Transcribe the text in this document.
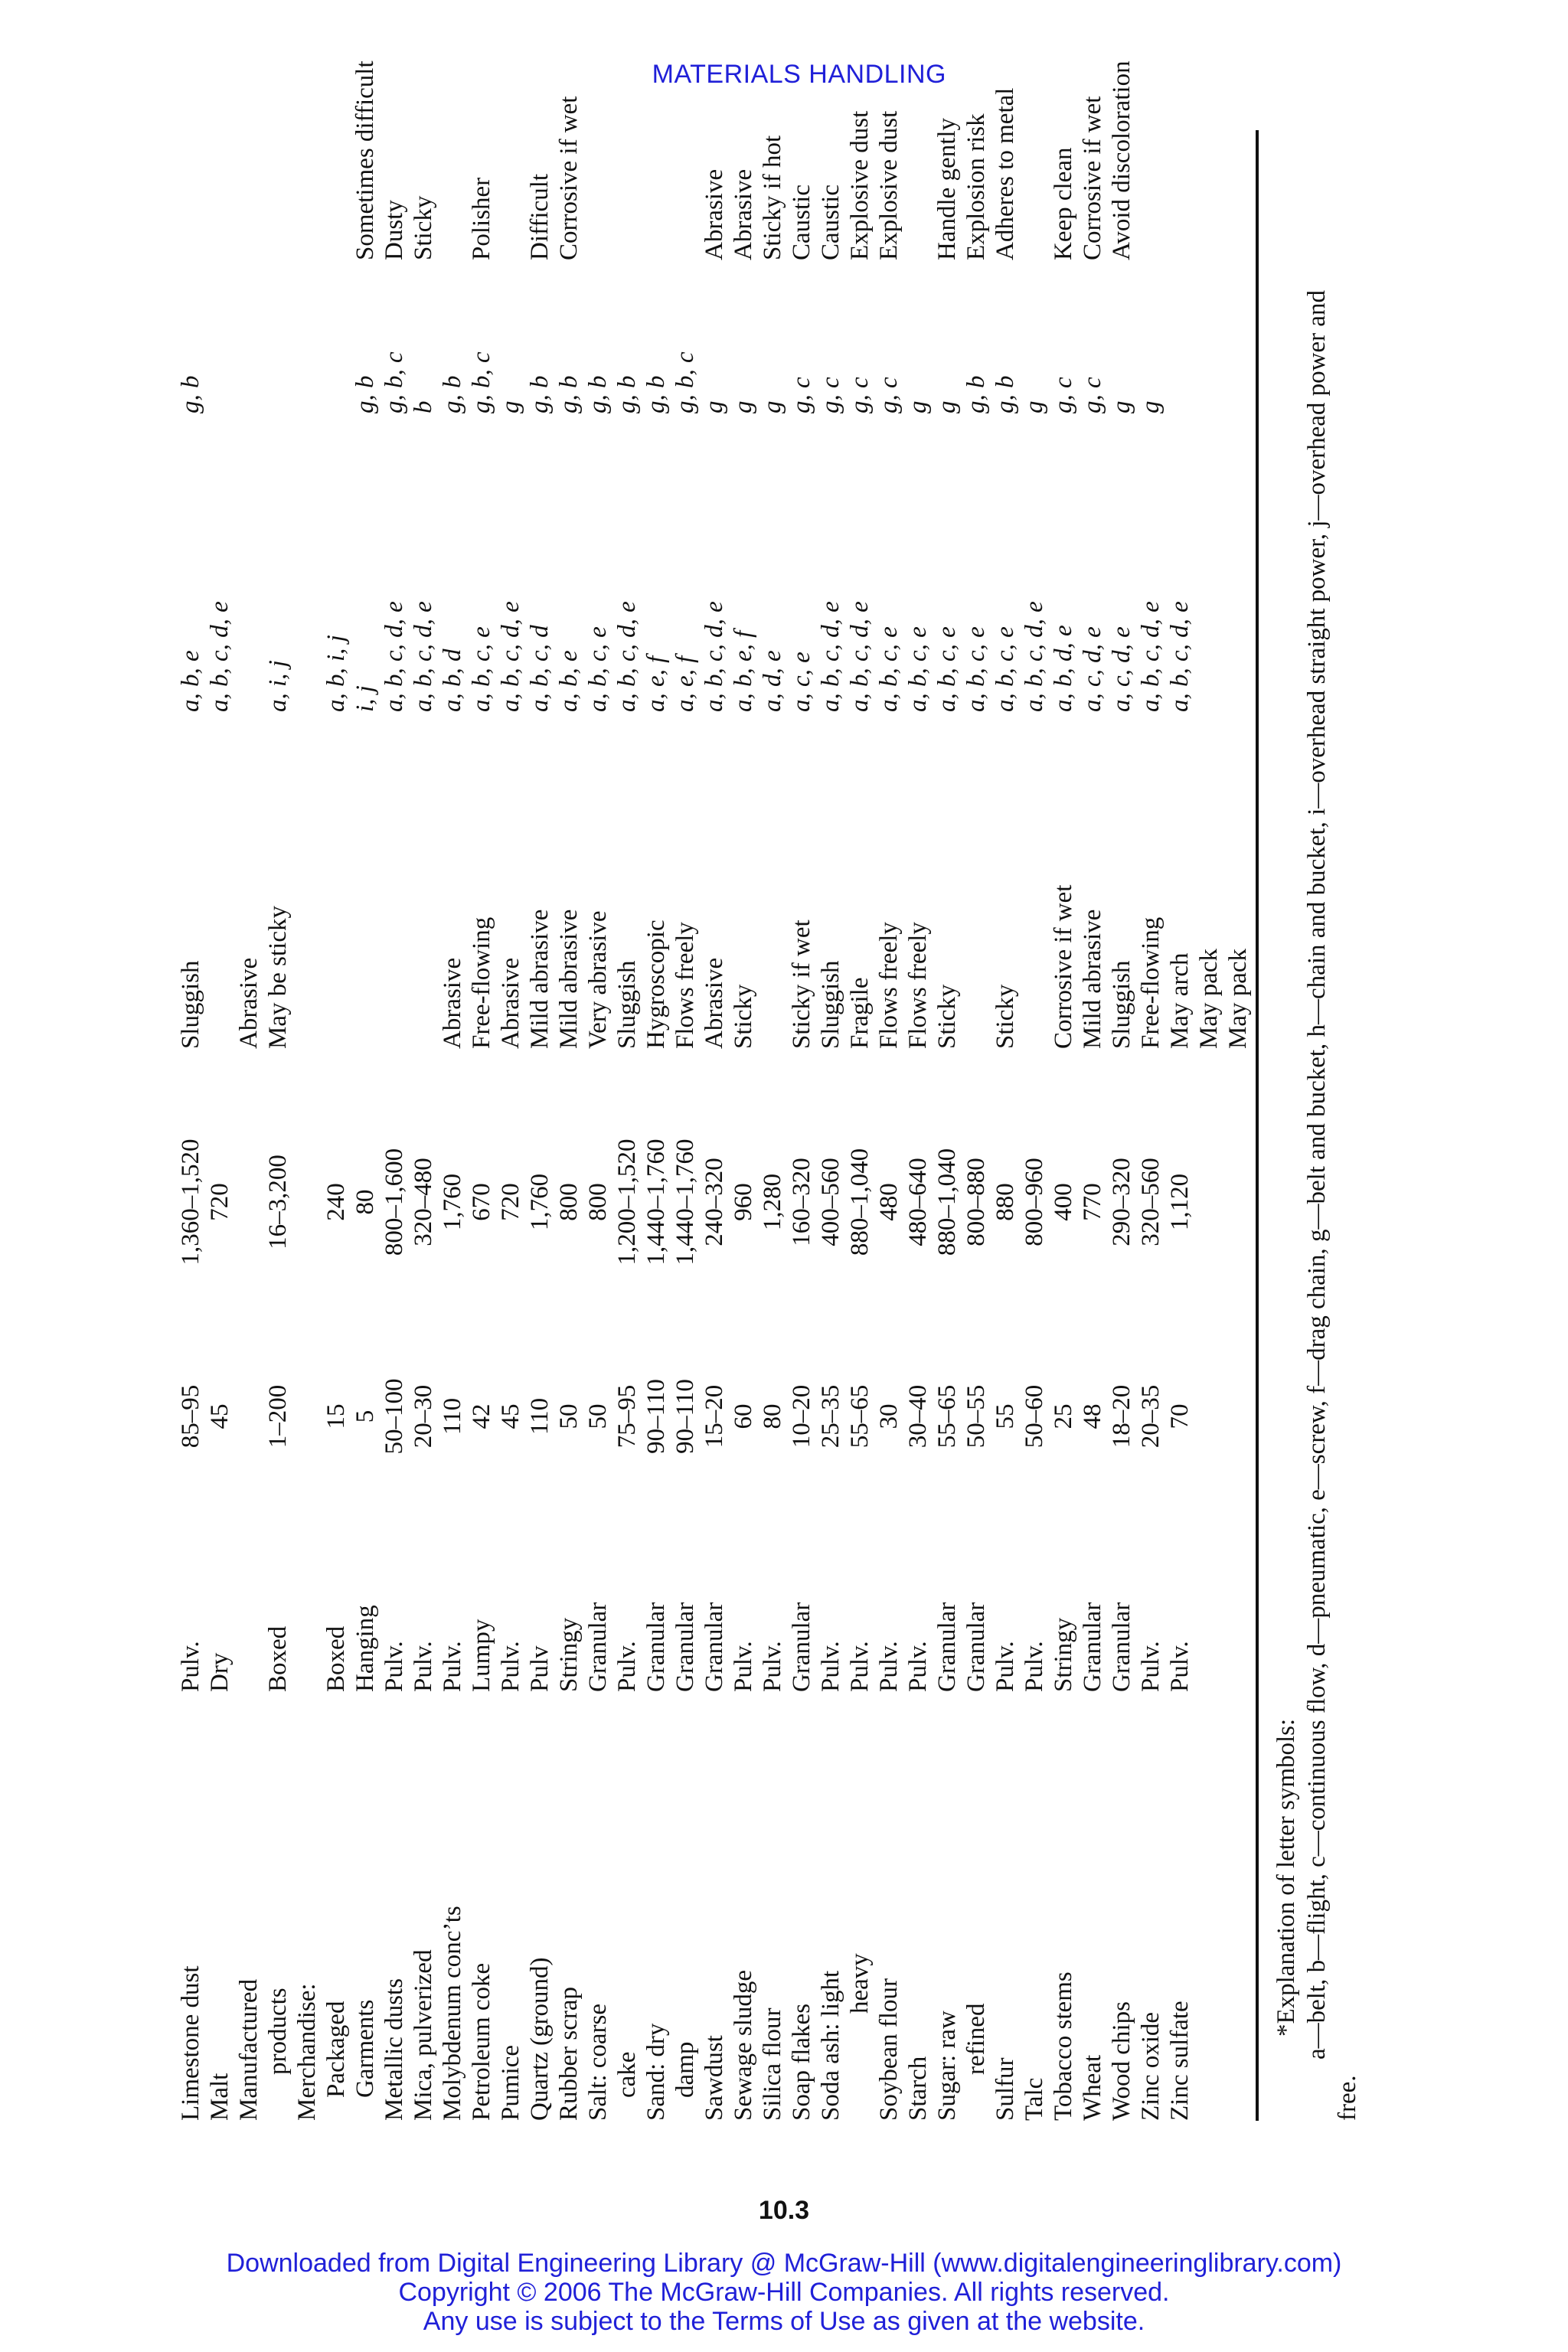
MATERIALS HANDLING
Limestone dust
Pulv.
85–95
1,360–1,520
Sluggish
a, b, e
g, b
Malt
Dry
45
720
a, b, c, d, e
Manufactured
Abrasive
products
Boxed
1–200
16–3,200
May be sticky
a, i, j
Merchandise: Packaged
Boxed
15
240
a, b, i, j
Garments
Hanging
5
80
i, j
g, b
Sometimes difficult
Metallic dusts
Pulv.
50–100
800–1,600
a, b, c, d, e
g, b, c
Dusty
Mica, pulverized
Pulv.
20–30
320–480
a, b, c, d, e
b
Sticky
Molybdenum conc’ts
Pulv.
110
1,760
Abrasive
a, b, d
g, b
Petroleum coke
Lumpy
42
670
Free-flowing
a, b, c, e
g, b, c
Polisher
Pumice
Pulv.
45
720
Abrasive
a, b, c, d, e
g
Quartz (ground)
Pulv
110
1,760
Mild abrasive
a, b, c, d
g, b
Difficult
Rubber scrap
Stringy
50
800
Mild abrasive
a, b, e
g, b
Corrosive if wet
Salt: coarse
Granular
50
800
Very abrasive
a, b, c, e
g, b
cake
Pulv.
75–95
1,200–1,520
Sluggish
a, b, c, d, e
g, b
Sand: dry
Granular
90–110
1,440–1,760
Hygroscopic
a, e, f
g, b
damp
Granular
90–110
1,440–1,760
Flows freely
a, e, f
g, b, c
Sawdust
Granular
15–20
240–320
Abrasive
a, b, c, d, e
g
Abrasive
Sewage sludge
Pulv.
60
960
Sticky
a, b, e, f
g
Abrasive
Silica flour
Pulv.
80
1,280
a, d, e
g
Sticky if hot
Soap flakes
Granular
10–20
160–320
Sticky if wet
a, c, e
g, c
Caustic
Soda ash: light
Pulv.
25–35
400–560
Sluggish
a, b, c, d, e
g, c
Caustic
heavy
Pulv.
55–65
880–1,040
Fragile
a, b, c, d, e
g, c
Explosive dust
Soybean flour
Pulv.
30
480
Flows freely
a, b, c, e
g, c
Explosive dust
Starch
Pulv.
30–40
480–640
Flows freely
a, b, c, e
g
Sugar: raw
Granular
55–65
880–1,040
Sticky
a, b, c, e
g
Handle gently
refined
Granular
50–55
800–880
a, b, c, e
g, b
Explosion risk
Sulfur
Pulv.
55
880
Sticky
a, b, c, e
g, b
Adheres to metal
Talc
Pulv.
50–60
800–960
a, b, c, d, e
g
Tobacco stems
Stringy
25
400
Corrosive if wet
a, b, d, e
g, c
Keep clean
Wheat
Granular
48
770
Mild abrasive
a, c, d, e
g, c
Corrosive if wet
Wood chips
Granular
18–20
290–320
Sluggish
a, c, d, e
g
Avoid discoloration
Zinc oxide
Pulv.
20–35
320–560
Free-flowing
a, b, c, d, e
g
Zinc sulfate
Pulv.
70
1,120
May arch
a, b, c, d, e
May pack May pack
*Explanation of letter symbols: a—belt, b—flight, c—continuous flow, d—pneumatic, e—screw, f—drag chain, g—belt and bucket, h—chain and bucket, i—overhead straight power, j—overhead power and
free.
10.3
Downloaded from Digital Engineering Library @ McGraw-Hill (www.digitalengineeringlibrary.com)
Copyright © 2006 The McGraw-Hill Companies. All rights reserved.
Any use is subject to the Terms of Use as given at the website.
